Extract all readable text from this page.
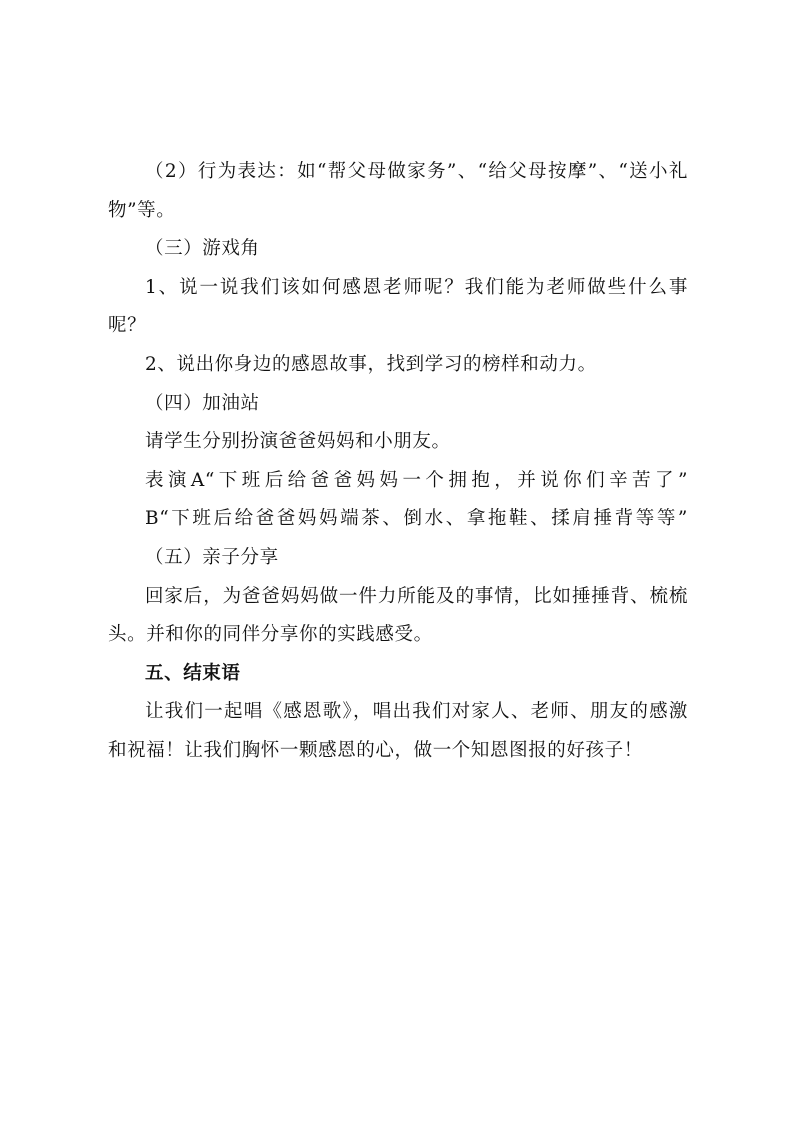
（2）行为表达：如“帮父母做家务”、“给父母按摩”、“送小礼物”等。

（三）游戏角

1、说一说我们该如何感恩老师呢？我们能为老师做些什么事呢？

2、说出你身边的感恩故事，找到学习的榜样和动力。

（四）加油站

请学生分别扮演爸爸妈妈和小朋友。

表演A“下班后给爸爸妈妈一个拥抱，并说你们辛苦了”

B“下班后给爸爸妈妈端茶、倒水、拿拖鞋、揉肩捶背等等”

（五）亲子分享

回家后，为爸爸妈妈做一件力所能及的事情，比如捶捶背、梳梳头。并和你的同伴分享你的实践感受。

五、结束语

让我们一起唱《感恩歌》，唱出我们对家人、老师、朋友的感激和祝福！让我们胸怀一颗感恩的心，做一个知恩图报的好孩子！
